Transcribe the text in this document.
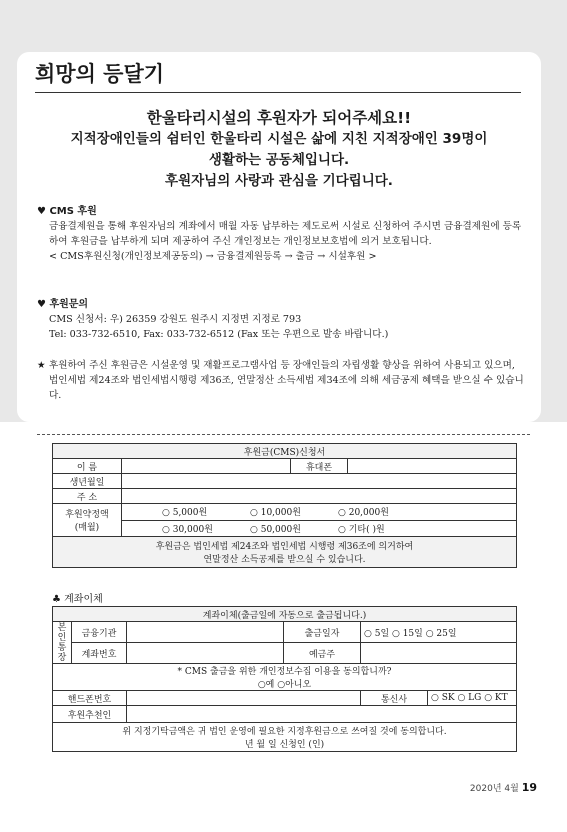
희망의 등달기
한울타리시설의 후원자가 되어주세요!!
지적장애인들의 쉼터인 한울타리 시설은 삶에 지친 지적장애인 39명이
생활하는 공동체입니다.
후원자님의 사랑과 관심을 기다립니다.
♥ CMS 후원
금융결제원을 통해 후원자님의 계좌에서 매월 자동 납부하는 제도로써 시설로 신청하여 주시면 금융결제원에 등록하여 후원금을 납부하게 되며 제공하여 주신 개인정보는 개인정보보호법에 의거 보호됩니다.
< CMS후원신청(개인정보제공동의) → 금융결제원등록 → 출금 → 시설후원 >
♥ 후원문의
CMS 신청서: 우) 26359 강원도 원주시 지정면 지정로 793
Tel: 033-732-6510, Fax: 033-732-6512 (Fax 또는 우편으로 발송 바랍니다.)
★ 후원하여 주신 후원금은 시설운영 및 재활프로그램사업 등 장애인들의 자립생활 향상을 위하여 사용되고 있으며, 법인세법 제24조와 법인세법시행령 제36조, 연말정산 소득세법 제34조에 의해 세금공제 혜택을 받으실 수 있습니다.
후원금(CMS)신청서			
이 름		휴대폰	
생년월일			
주 소			

후원약정액
(매월)	○ 5,000원 ○ 10,000원 ○ 20,000원		
	○ 30,000원 ○ 50,000원 ○ 기타( )원		

후원금은 법인세법 제24조와 법인세법 시행령 제36조에 의거하여
연말정산 소득공제를 받으실 수 있습니다.			
♣ 계좌이체
계좌이체(출금일에 자동으로 출금됩니다.)					
본인통장	금융기관		출금일자	○ 5일 ○ 15일 ○ 25일	
	계좌번호		예금주		

* CMS 출금을 위한 개인정보수집 이용을 동의합니까?
○예 ○아니오					

핸드폰번호				통신사	○ SK ○ LG ○ KT
후원추천인					

위 지정기탁금액은 귀 법인 운영에 필요한 지정후원금으로 쓰여질 것에 동의합니다.
년 월 일 신청인 (인)					
2020년 4월 19
